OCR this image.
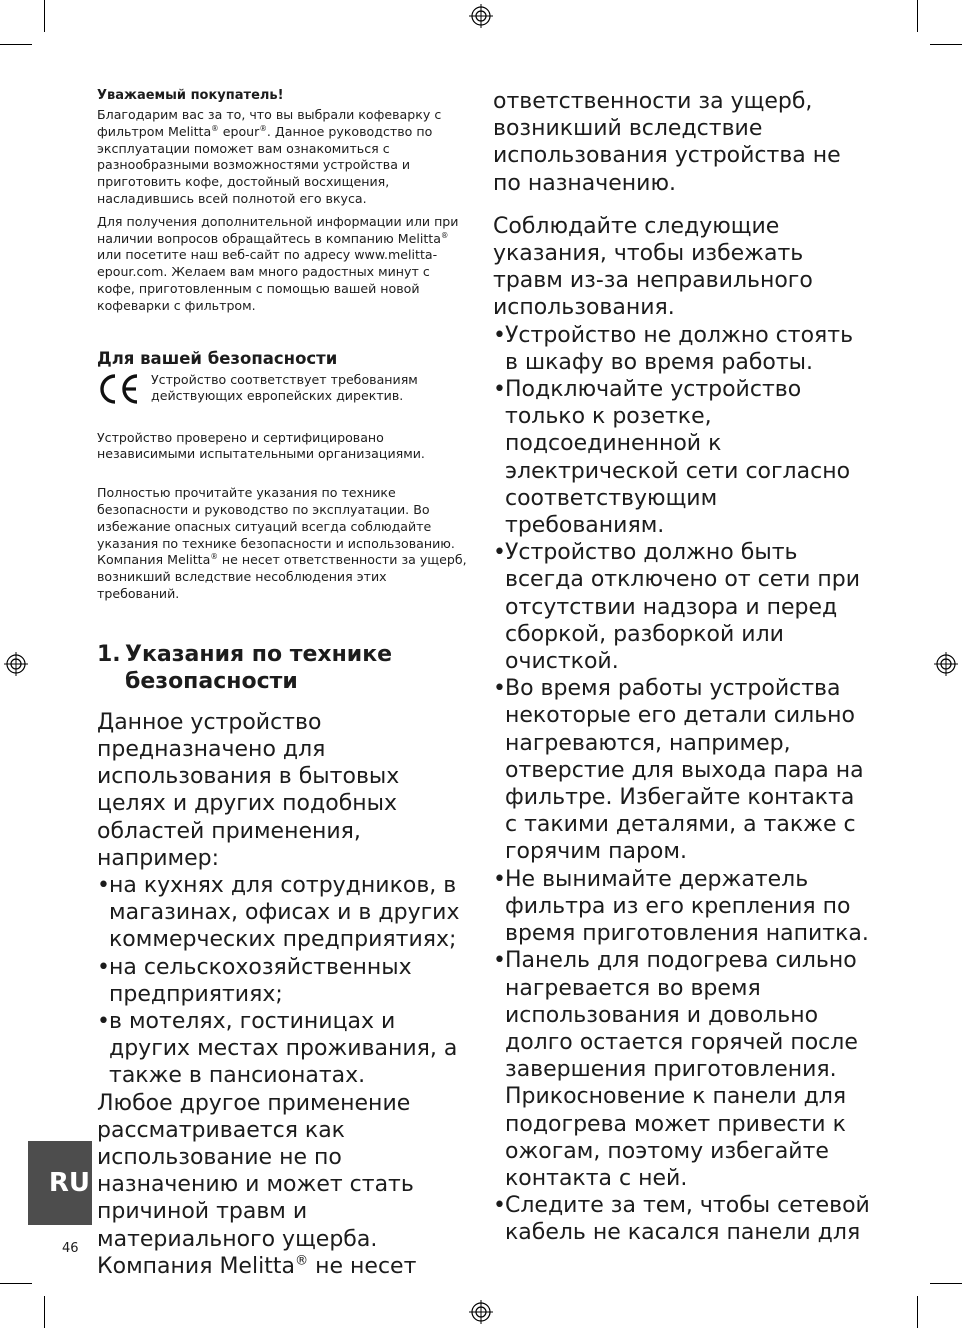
Уважаемый покупатель!

Благодарим вас за то, что вы выбрали кофеварку с фильтром Melitta® epour®. Данное руководство по эксплуатации поможет вам ознакомиться с разнообразными возможностями устройства и приготовить кофе, достойный восхищения, насладившись всей полнотой его вкуса.

Для получения дополнительной информации или при наличии вопросов обращайтесь в компанию Melitta® или посетите наш веб-сайт по адресу www.melitta-epour.com. Желаем вам много радостных минут с кофе, приготовленным с помощью вашей новой кофеварки с фильтром.

Для вашей безопасности

Устройство соответствует требованиям действующих европейских директив.

Устройство проверено и сертифицировано независимыми испытательными организациями.

Полностью прочитайте указания по технике безопасности и руководство по эксплуатации. Во избежание опасных ситуаций всегда соблюдайте указания по технике безопасности и использованию. Компания Melitta® не несет ответственности за ущерб, возникший вследствие несоблюдения этих требований.

1. Указания по технике безопасности

Данное устройство предназначено для использования в бытовых целях и других подобных областей применения, например:

• на кухнях для сотрудников, в магазинах, офисах и в других коммерческих предприятиях;
• на сельскохозяйственных предприятиях;
• в мотелях, гостиницах и других местах проживания, а также в пансионатах.

Любое другое применение рассматривается как использование не по назначению и может стать причиной травм и материального ущерба. Компания Melitta® не несет

ответственности за ущерб, возникший вследствие использования устройства не по назначению.

Соблюдайте следующие указания, чтобы избежать травм из-за неправильного использования.

• Устройство не должно стоять в шкафу во время работы.
• Подключайте устройство только к розетке, подсоединенной к электрической сети согласно соответствующим требованиям.
• Устройство должно быть всегда отключено от сети при отсутствии надзора и перед сборкой, разборкой или очисткой.
• Во время работы устройства некоторые его детали сильно нагреваются, например, отверстие для выхода пара на фильтре. Избегайте контакта с такими деталями, а также с горячим паром.
• Не вынимайте держатель фильтра из его крепления по время приготовления напитка.
• Панель для подогрева сильно нагревается во время использования и довольно долго остается горячей после завершения приготовления. Прикосновение к панели для подогрева может привести к ожогам, поэтому избегайте контакта с ней.
• Следите за тем, чтобы сетевой кабель не касался панели для
RU
46
